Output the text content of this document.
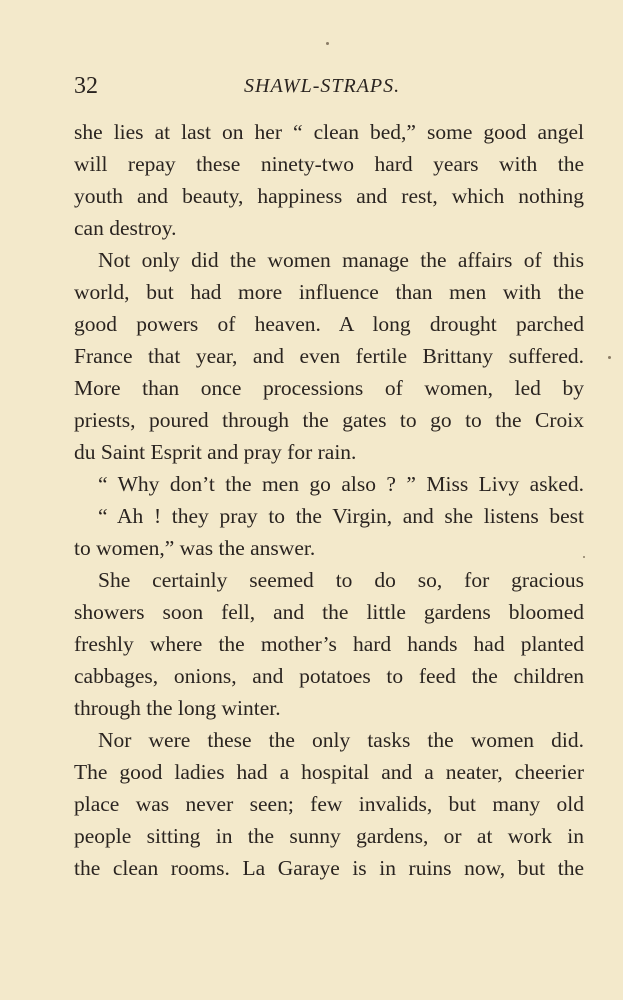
32	SHAWL-STRAPS.
she lies at last on her “ clean bed,” some good angel
will repay these ninety-two hard years with the
youth and beauty, happiness and rest, which nothing
can destroy.
Not only did the women manage the affairs of this
world, but had more influence than men with the
good powers of heaven. A long drought parched
France that year, and even fertile Brittany suffered.
More than once processions of women, led by
priests, poured through the gates to go to the Croix
du Saint Esprit and pray for rain.
“ Why don’t the men go also ? ” Miss Livy asked.
“ Ah ! they pray to the Virgin, and she listens best
to women,” was the answer.
She certainly seemed to do so, for gracious
showers soon fell, and the little gardens bloomed
freshly where the mother’s hard hands had planted
cabbages, onions, and potatoes to feed the children
through the long winter.
Nor were these the only tasks the women did.
The good ladies had a hospital and a neater, cheerier
place was never seen; few invalids, but many old
people sitting in the sunny gardens, or at work in
the clean rooms. La Garaye is in ruins now, but the
